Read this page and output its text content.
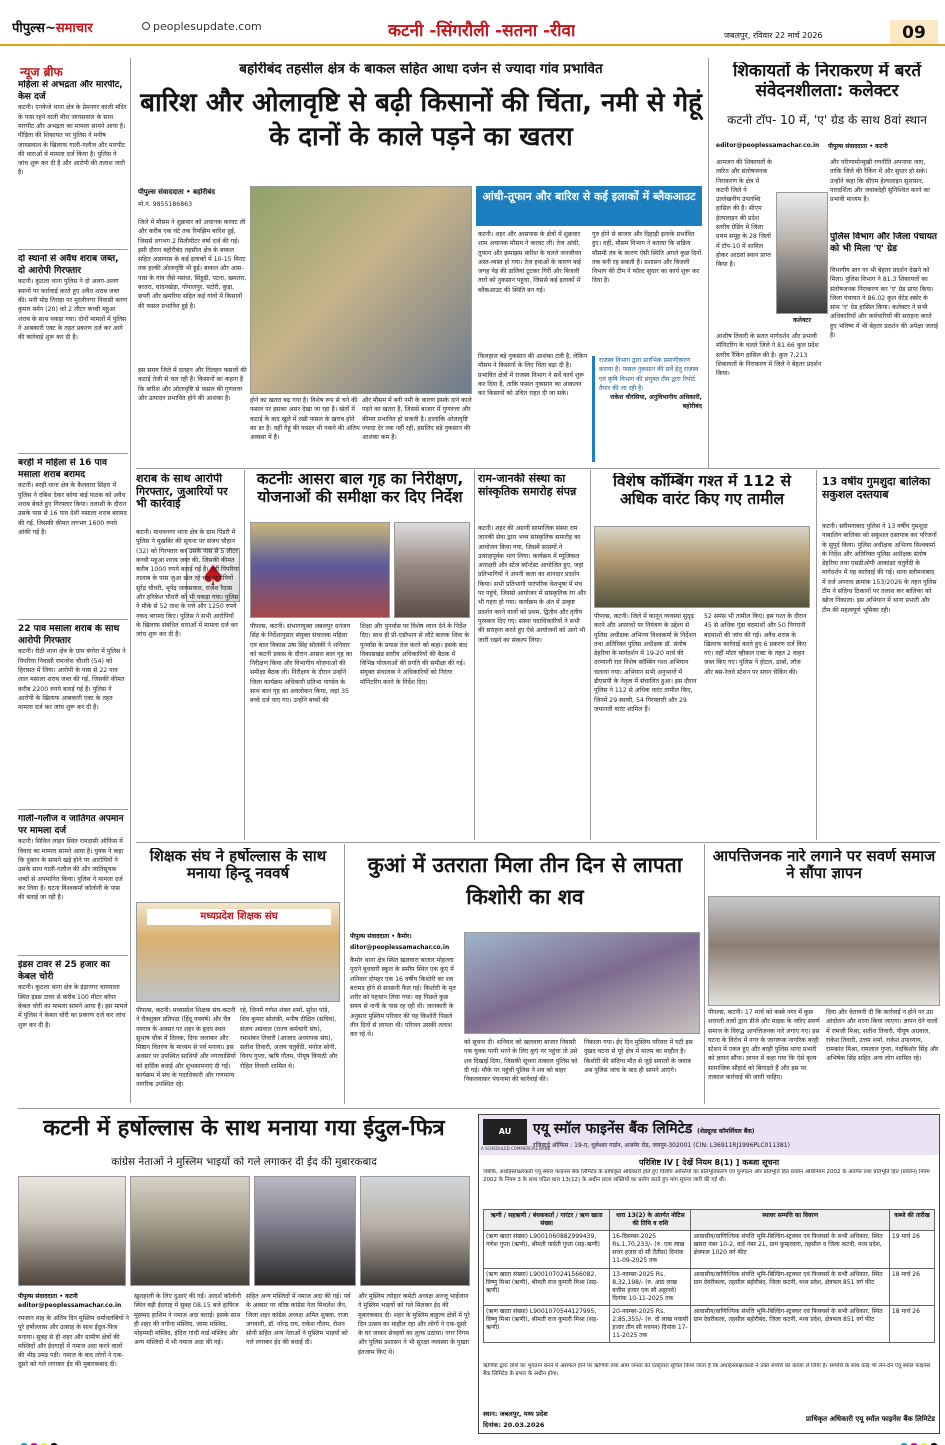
पीपुल्स~समाचार	peoplesupdate.com	कटनी -सिंगरौली -सतना -रीवा	जबलपुर, रविवार 22 मार्च 2026	09
न्यूज ब्रीफ
महिला से अभद्रता और मारपीट, केस दर्ज
कटनी। एनकेजे थाना क्षेत्र के प्रेमनगर काली मंदिर के पास रहने वाली मीरा जायसवाल के साथ मारपीट और अभद्रता का मामला सामने आया है। पीड़िता की शिकायत पर पुलिस ने मनीष जायसवाल के खिलाफ गाली-गलौज और मारपीट की धाराओं में मामला दर्ज किया है। पुलिस ने जांच शुरू कर दी है और आरोपी की तलाश जारी है।
दो स्थानों से अवैध शराब जब्त, दो आरोपी गिरफ्तार
कटनी। कुठला थाना पुलिस ने दो अलग-अलग स्थानों पर कार्रवाई करते हुए अवैध शराब जब्त की। मनी मोड़ तिराहा पर मुरलीनगर निवासी करण कुमार बर्मन (20) को 2 लीटर कच्ची महुआ शराब के साथ पकड़ा गया। दोनों मामलों में पुलिस ने आबकारी एक्ट के तहत प्रकरण दर्ज कर आगे की कार्रवाई शुरू कर दी है।
बरही में महिला से 16 पाव मसाला शराब बरामद
कटनी। बरही थाना क्षेत्र के कैलवारा सिंहरा में पुलिस ने दबिश देकर कोया बाई पाठक को अवैध शराब बेचते हुए गिरफ्तार किया। तलाशी के दौरान उसके पास से 16 पाव देशी मसाला शराब बरामद की गई, जिसकी कीमत लगभग 1600 रुपये आंकी गई है।
22 पाव मसाला शराब के साथ आरोपी गिरफ्तार
कटनी। रीठी थाना क्षेत्र के ग्राम बंगोरा में पुलिस ने पिपरिया निवासी रामनरेश चौधरी (54) को हिरासत में लिया। आरोपी के पास से 22 पाव लाल मसाला शराब जब्त की गई, जिसकी कीमत करीब 2200 रुपये बताई गई है। पुलिस ने आरोपी के खिलाफ आबकारी एक्ट के तहत मामला दर्ज कर जांच शुरू कर दी है।
गाली-गलौज व जातिगत अपमान पर मामला दर्ज
कटनी। सिविल लाइन स्थित रामदासी ऑफिस में विवाद का मामला सामने आया है। युवक ने कहा कि दुकान के सामने खड़े होने पर आरोपियों ने उसके साथ गाली-गलौज की और जातिसूचक शब्दों से अपमानित किया। पुलिस ने मामला दर्ज कर लिया है। घटना विश्वकर्मा कॉलोनी के पास की बताई जा रही है।
इंडस टावर से 25 हजार का केबल चोरी
कटनी। कुठला थाना क्षेत्र के इंद्रानगर चायवाला स्थित इंडस टावर से करीब 100 मीटर कॉपर केबल चोरी का मामला सामने आया है। इस मामले में पुलिस ने केबल चोरी का प्रकरण दर्ज कर जांच शुरू कर दी है।
बहोरीबंद तहसील क्षेत्र के बाकल सहित आधा दर्जन से ज्यादा गांव प्रभावित
बारिश और ओलावृष्टि से बढ़ी किसानों की चिंता, नमी से गेहूं के दानों के काले पड़ने का खतरा
पीपुल्स संवाददाता • बहोरीबंद
मो.नं. 9855186863
जिले में मौसम ने शुक्रवार को अचानक करवट ली और करीब एक घंटे तक रिमझिम बारिश हुई, जिससे लगभग 2 मिलीमीटर वर्षा दर्ज की गई। इसी दौरान बहोरीबंद तहसील क्षेत्र के बाकल सहित आसपास के कई इलाकों में 10-15 मिनट तक हल्की ओलावृष्टि भी हुई। बाकल और आस-पास के गांव जैसे मसंधा, सिंहुड़ी, पटना, खमतरा, बरतरा, चांदनखेड़ा, गोपालपुर, पटोरी, कुड़ा, छपरी और खमरिया सहित कई गांवों में किसानों की फसल प्रभावित हुई है।
इस समय जिले में दलहन और तिलहन फसलों की कटाई तेजी से चल रही है। किसानों का कहना है कि बारिश और ओलावृष्टि से फसल की गुणवत्ता और उत्पादन प्रभावित होने की आशंका है।	होने का खतरा बढ़ गया है। विशेष रूप से चने की फसल पर इसका असर देखा जा रहा है। खेतों में कटाई के बाद खुले में रखी फसल के खराब होने का डर है। वहीं गेहूं की फसल भी पकने की अंतिम अवस्था में है।
और मौसम में बनी नमी के कारण इसके दाने काले पड़ने का खतरा है, जिससे बाजार में गुणवत्ता और कीमत प्रभावित हो सकती है। हालांकि ओलावृष्टि ज्यादा देर तक नहीं रही, इसलिए बड़े नुकसान की आशंका कम है।
आंधी-तूफान और बारिश से कई इलाकों में ब्लैकआउट
कटनी। शहर और आसपास के क्षेत्रों में शुक्रवार शाम अचानक मौसम ने करवट ली। तेज आंधी, तूफान और झमाझम बारिश के चलते जनजीवन अस्त-व्यस्त हो गया। तेज हवाओं के कारण कई जगह पेड़ की डालियां टूटकर गिरीं और बिजली तारों को नुकसान पहुंचा, जिससे कई इलाकों में ब्लैकआउट की स्थिति बन गई।
गुरु होने से बाजार और दिहाड़ी इलाके प्रभावित हुए। वहीं, मौसम विभाग ने बताया कि सक्रिय मौसमी तंत्र के कारण ऐसी स्थिति अगले कुछ दिनों तक बनी रह सकती है। प्रशासन और बिजली विभाग की टीम ने फॉल्ट सुधार का कार्य शुरू कर दिया है।
फिलहाल बड़े नुकसान की आशंका टली है, लेकिन मौसम ने किसानों के लिए चिंता बढ़ा दी है। प्रभावित क्षेत्रों में राजस्व विभाग ने सर्वे कार्य शुरू कर दिया है, ताकि फसल नुकसान का आकलन कर किसानों को उचित राहत दी जा सके।
राजस्व विभाग द्वारा प्रारंभिक प्रमाणीकरण कराया है। फसल नुकसान की सर्वे हेतु राजस्व एवं कृषि विभाग की संयुक्त टीम द्वारा रिपोर्ट तैयार की जा रही है।
राकेश चौरसिया, अनुविभागीय अधिकारी, बहोरीबंद
शिकायतों के निराकरण में बरतें संवेदनशीलता: कलेक्टर
कटनी टॉप- 10 में, 'ए' ग्रेड के साथ 8वां स्थान
editor@peoplessamachar.co.in	पीपुल्स संवाददाता • कटनी
आमजन की शिकायतों के त्वरित और संतोषजनक निराकरण के क्षेत्र में कटनी जिले ने उल्लेखनीय उपलब्धि हासिल की है। सीएम हेल्पलाइन की प्रदेश स्तरीय ग्रेडिंग में जिला प्रथम समूह के 28 जिलों में टॉप-10 में शामिल होकर आठवां स्थान प्राप्त किया है।
कलेक्टर
आशीष तिवारी के सतत मार्गदर्शन और प्रभावी मॉनिटरिंग के चलते जिले ने 81.66 कुल प्रदेश स्तरीय रैंकिंग हासिल की है। कुल 7,213 शिकायतों के निराकरण में जिले ने बेहतर प्रदर्शन किया।
और परिणामोन्मुखी रणनीति अपनाया जाए, ताकि जिले की रैंकिंग में और सुधार हो सके। उन्होंने कहा कि सीएम हेल्पलाइन सुशासन, पारदर्शिता और जवाबदेही सुनिश्चित करने का प्रभावी माध्यम है।
पुलिस विभाग और जिला पंचायत को भी मिला 'ए' ग्रेड
विभागीय स्तर पर भी बेहतर प्रदर्शन देखने को मिला। पुलिस विभाग ने 81.3 शिकायतों का संतोषजनक निराकरण कर 'ए' ग्रेड प्राप्त किया। जिला पंचायत ने 86.02 कुल वेटेड स्कोर के साथ 'ए' ग्रेड हासिल किया। कलेक्टर ने सभी अधिकारियों और कर्मचारियों की सराहना करते हुए भविष्य में भी बेहतर प्रदर्शन की अपेक्षा जताई है।
शराब के साथ आरोपी गिरफ्तार, जुआरियों पर भी कार्रवाई
♠
कटनी। माधवनगर थाना क्षेत्र के ग्राम पिंडरी में पुलिस ने मुखबिर की सूचना पर संजय चौहान (32) को गिरफ्तार कर उसके पास से 5 लीटर कच्ची महुआ शराब जब्त की, जिसकी कीमत करीब 1000 रुपये बताई गई है। वहीं पिपरिया तालाब के पास जुआ खेल रहे चार आरोपियों सुरेंद्र चौधरी, भूपेंद्र जायसवाल, राजेश रैदास और हरिकेश चौधरी को भी पकड़ा गया। पुलिस ने मौके से 52 ताश के पत्ते और 1250 रुपये नकद बरामद किए। पुलिस ने सभी आरोपियों के खिलाफ संबंधित धाराओं में मामला दर्ज कर जांच शुरू कर दी है।
कटनीः आसरा बाल गृह का निरीक्षण, योजनाओं की समीक्षा कर दिए निर्देश
पीपल्स, कटनी। संभागायुक्त जबलपुर धनंजय सिंह के निर्देशानुसार संयुक्त संचालक महिला एवं बाल विकास उषा सिंह सोलंकी ने शनिवार को कटनी प्रवास के दौरान आसरा बाल गृह का निरीक्षण किया और विभागीय योजनाओं की समीक्षा बैठक ली। निरीक्षण के दौरान उन्होंने जिला कार्यक्रम अधिकारी प्रतिभा पाण्डेय के साथ बाल गृह का अवलोकन किया, जहां 35 बच्चे दर्ज पाए गए। उन्होंने बच्चों की
शिक्षा और पुनर्वास पर विशेष ध्यान देने के निर्देश दिए। साथ ही प्री-एडॉप्शन से लौटे बालक शिवा के पुनर्वास के प्रयास तेज करने को कहा। इसके बाद विकासखंड स्तरीय अधिकारियों की बैठक में विभिन्न योजनाओं की प्रगति की समीक्षा की गई। संयुक्त संचालक ने अधिकारियों को निरंतर मॉनिटरिंग करने के निर्देश दिए।
राम-जानकी संस्था का सांस्कृतिक समारोह संपन्न
कटनी। शहर की अग्रणी सामाजिक संस्था राम जानकी सेवा द्वारा भव्य सांस्कृतिक समारोह का आयोजन किया गया, जिसमें सदस्यों ने उत्साहपूर्वक भाग लिया। कार्यक्रम में म्यूजिकल अंताक्षरी और स्टेज कॉन्टेस्ट आयोजित हुए, जहां प्रतिभागियों ने अपनी कला का शानदार प्रदर्शन किया। सभी प्रतिभागी पारंपरिक वेशभूषा में मंच पर पहुंचे, जिससे आयोजन में सांस्कृतिक रंग और भी गहरा हो गया। कार्यक्रम के अंत में उत्कृष्ट प्रदर्शन करने वालों को प्रथम, द्वितीय और तृतीय पुरस्कार दिए गए। संस्था पदाधिकारियों ने सभी की सराहना करते हुए ऐसे आयोजनों को आगे भी जारी रखने का संकल्प लिया।
विशेष कॉम्बिंग गश्त में 112 से अधिक वारंट किए गए तामील
पीपल्स, कटनी। जिले में कानून व्यवस्था सुदृढ़ करने और अपराधों पर नियंत्रण के उद्देश्य से पुलिस अधीक्षक अभिनय विश्वकर्मा के निर्देशन तथा अतिरिक्त पुलिस अधीक्षक डॉ. संतोष डेहरिया के मार्गदर्शन में 19-20 मार्च की दरम्यानी रात विशेष कॉम्बिंग गश्त अभियान चलाया गया। अभियान सभी अनुभागों में डीएसपी के नेतृत्व में संचालित हुआ। इस दौरान पुलिस ने 112 से अधिक वारंट तामील किए, जिनमें 29 स्थायी, 54 गिरफ्तारी और 29 जमानती वारंट शामिल हैं।
52 समंस भी तामील किए। इस गश्त के दौरान 45 से अधिक गुंडा बदमाशों और 50 निगरानी बदमाशों की जांच की गई। अवैध शराब के खिलाफ कार्रवाई करते हुए 6 प्रकरण दर्ज किए गए। वहीं मोटर व्हीकल एक्ट के तहत 2 वाहन जब्त किए गए। पुलिस ने होटल, ढाबों, लॉज और बस-रेलवे स्टेशन पर सघन चेकिंग की।
13 वर्षीय गुमशुदा बालिका सकुशल दस्तयाब
कटनी। स्लीमनाबाद पुलिस ने 13 वर्षीय गुमशुदा नाबालिग बालिका को सकुशल दस्तयाब कर परिजनों के सुपुर्द किया। पुलिस अधीक्षक अभिनय विश्वकर्मा के निर्देश और अतिरिक्त पुलिस अधीक्षक संतोष डेहरिया तथा एसडीओपी आकांक्षा चतुर्वेदी के मार्गदर्शन में यह कार्रवाई की गई। थाना स्लीमनाबाद में दर्ज अपराध क्रमांक 153/2026 के तहत पुलिस टीम ने संदिग्ध ठिकानों पर तलाश कर बालिका को खोज निकाला। इस अभियान में थाना प्रभारी और टीम की महत्वपूर्ण भूमिका रही।
शिक्षक संघ ने हर्षोल्लास के साथ मनाया हिन्दू नववर्ष
मध्यप्रदेश शिक्षक संघ
पीपल्स, कटनी। मध्यप्रदेश शिक्षक संघ-कटनी ने चैत्रशुक्ल प्रतिपदा (हिंदू नववर्ष) और चैत्र नवरात्र के अवसर पर शहर के हृदय स्थल सुभाष चौक में तिलक, दिया जलाकर और मिष्ठान वितरण के माध्यम से पर्व मनाया। इस अवसर पर उपस्थित साथियों और नगरवासियों को हार्दिक बधाई और शुभकामनाएं दी गईं। कार्यक्रम में संघ के पदाधिकारी और गणमान्य नागरिक उपस्थित रहे।
रहे, जिनमें गणेश शंकर शर्मा, सुरेश पांडे, शिव कुमार सोलंकी, मनीष दीक्षित (सचिव), संजय अग्रवाल (राज्य कर्मचारी संघ), रमाशंकर तिवारी (आजाद अध्यापक संघ), सतीश तिवारी, अजय चतुर्वेदी, मनोज सोनी, विनय गुप्ता, ऋषि गौतम, पीयूष त्रिपाठी और रोहित तिवारी शामिल थे।
कुआं में उतराता मिला तीन दिन से लापता किशोरी का शव
पीपुल्स संवाददाता • कैमोर।
ditor@peoplessamachar.co.in
कैमोर थाना क्षेत्र स्थित खलवारा बाजार मोहल्ला पुराने बुधवारी स्कूल के समीप स्थित एक कुएं में शनिवार दोपहर एक 16 वर्षीय किशोरी का शव बरामद होने से सनसनी फैल गई। किशोरी के मृत शरीर को पहचान लिया गया। वह पिछले कुछ समय से नानी के पास रह रही थी। जानकारी के अनुसार मुस्लिम परिवार की यह किशोरी पिछले तीन दिनों से लापता थी। परिजन उसकी तलाश कर रहे थे।
को सूचना दी। शनिवार को खलवारा बाजार निवासी एक युवक पानी भरने के लिए कुएं पर पहुंचा तो उसे शव दिखाई दिया, जिसकी सूचना तत्काल पुलिस को दी गई। मौके पर पहुंची पुलिस ने शव को बाहर निकलवाकर पंचनामा की कार्रवाई की।
निकाला गया। ईद दिन मुस्लिम परिवार में घटी इस दुखद घटना से पूरे क्षेत्र में मातम का माहौल है। किशोरी की संदिग्ध मौत से जुड़े सवालों के जवाब अब पुलिस जांच के बाद ही सामने आएंगे।
आपत्तिजनक नारे लगाने पर सवर्ण समाज ने सौंपा ज्ञापन
पीपल्स, कटनी। 17 मार्च को कस्बे नगर में कुछ शरारती तत्वों द्वारा डीजे और माइक के जरिए सवर्ण समाज के विरुद्ध आपत्तिजनक नारे लगाए गए। इस घटना के विरोध में नगर के जागरूक नागरिक बरही स्टेशन में एकत्र हुए और बरही पुलिस थाना प्रभारी को ज्ञापन सौंपा। ज्ञापन में कहा गया कि ऐसे कृत्य सामाजिक सौहार्द को बिगाड़ते हैं और इस पर तत्काल कार्रवाई की जानी चाहिए।
दिया और चेतावनी दी कि कार्रवाई न होने पर उग्र आंदोलन और धरना किया जाएगा। ज्ञापन देने वालों में रामजी मिश्रा, सतीश तिवारी, पीयूष अग्रवाल, राकेश तिवारी, उत्तम शर्मा, राकेश उपाध्याय, रामकांत मिश्रा, रामलाल गुप्ता, नंदकिशोर सिंह और अभिषेक सिंह सहित अन्य लोग शामिल रहे।
कटनी में हर्षोल्लास के साथ मनाया गया ईदुल-फित्र
कांग्रेस नेताओं ने मुस्लिम भाइयों को गले लगाकर दी ईद की मुबारकबाद
पीपुल्स संवाददाता • कटनी
editor@peoplessamachar.co.in
रमजान माह के अंतिम दिन मुस्लिम धर्मावलंबियों ने पूरे हर्षोल्लास और उत्साह के साथ ईदुल-फित्र मनाया। सुबह से ही शहर और ग्रामीण क्षेत्रों की मस्जिदों और ईदगाहों में नमाज अदा करने वालों की भीड़ उमड़ पड़ी। नमाज के बाद लोगों ने एक-दूसरे को गले लगाकर ईद की मुबारकबाद दी।
खुशहाली के लिए दुआएं की गईं। आदर्श कॉलोनी स्थित बड़ी ईदगाह में सुबह 08.15 बजे हाफिज मुहम्मद हाशिम ने नमाज अदा कराई। इसके साथ ही शहर की नगीना मस्जिद, जामा मस्जिद, मोहम्मदी मस्जिद, इंदिरा गांधी वार्ड मस्जिद और अन्य मस्जिदों में भी नमाज अदा की गई।
सहित अन्य मस्जिदों में नमाज अदा की गई। पर्व के अवसर पर वरिष्ठ कांग्रेस नेता मिथलेश जैन, जिला शहर कांग्रेस अध्यक्ष अमित शुक्ला, राजा जगवानी, डॉ. नरेन्द्र राय, राकेश गौतम, रोशन सोनी सहित अन्य नेताओं ने मुस्लिम भाइयों को गले लगाकर ईद की बधाई दी।
और मुस्लिम त्योहार कमेटी अध्यक्ष अज्जू भाईजान ने मुस्लिम भाइयों को गले मिलकर ईद की मुबारकबाद दी। शहर के मुस्लिम बाहुल्य क्षेत्रों में पूरे दिन उत्सव का माहौल रहा और लोगों ने एक-दूसरे के घर जाकर सेवइयों का लुत्फ उठाया। नगर निगम और पुलिस प्रशासन ने भी सुरक्षा व्यवस्था के पुख्ता इंतजाम किए थे।
AU
A SCHEDULED COMMERCIAL BANK
एयू स्मॉल फाइनेंस बैंक लिमिटेड (शेड्यूल्ड कॉमर्शियल बैंक)
रजिस्टर्ड ऑफिस : 19-ए, धूलेश्वर गार्डन, अजमेर रोड, जयपुर-302001 (CIN: L36911RJ1996PLC011381)
परिशिष्ट IV [ देखें नियम 8(1) ] कब्जा सूचना
जबकि, अधोहस्ताक्षरकर्ता एयू स्मॉल फाइनेंस बैंक लिमिटेड के प्राधिकृत अधिकारी होते हुए वित्तीय आस्तियों का प्रतिभूतिकरण एवं पुनर्गठन और प्रतिभूति हित प्रवर्तन अधिनियम 2002 के अंतर्गत तथा प्रतिभूति हित (प्रवर्तन) नियम 2002 के नियम 3 के साथ पठित धारा 13(12) के अधीन प्रदत्त शक्तियों का प्रयोग करते हुए मांग सूचना जारी की गई थी।
ऋणी / सहऋणी / बंधककर्ता / गारंटर / ऋण खाता संख्या	धारा 13(2) के अंतर्गत नोटिस की तिथि व राशि	स्थावर सम्पत्ति का विवरण	कब्जे की तारीख
(ऋण खाता संख्या) L9001060882999439, गणेश गुप्ता (ऋणी), श्रीमती पार्वती गुप्ता (सह-ऋणी)	16-दिसम्बर-2025 Rs.1,70,233/- (रु. एक लाख सत्तर हजार दो सौ तैंतीस) दिनांक 11-09-2025 तक	आवासीय/वाणिज्यिक संपत्ति भूमि-बिल्डिंग-स्ट्रक्चर एवं फिक्चर्स के सभी अधिकार, स्थित खसरा नंबर 10-2, वार्ड नंबर 21, ग्राम कुम्हरवारा, तहसील व जिला कटनी, मध्य प्रदेश, क्षेत्रफल 1020 वर्ग फीट	19 मार्च 26
(ऋण खाता संख्या) L9001070241566082, विष्णु मिश्रा (ऋणी), श्रीमती राज कुमारी मिश्रा (सह-ऋणी)	13-नवम्बर-2025 Rs. 8,32,198/- (रु. आठ लाख बत्तीस हजार एक सौ अट्ठानवे) दिनांक 10-11-2025 तक	आवासीय/वाणिज्यिक संपत्ति भूमि-बिल्डिंग-स्ट्रक्चर एवं फिक्चर्स के सभी अधिकार, स्थित ग्राम देवरीकला, तहसील बहोरीबंद, जिला कटनी, मध्य प्रदेश, क्षेत्रफल 851 वर्ग फीट	18 मार्च 26
(ऋण खाता संख्या) L9001070544127995, विष्णु मिश्रा (ऋणी), श्रीमती राज कुमारी मिश्रा (सह-ऋणी)	20-नवम्बर-2025 Rs. 2,85,355/- (रु. दो लाख पचासी हजार तीन सौ पचपन) दिनांक 17-11-2025 तक	आवासीय/वाणिज्यिक संपत्ति भूमि-बिल्डिंग-स्ट्रक्चर एवं फिक्चर्स के सभी अधिकार, स्थित ग्राम देवरीकला, तहसील बहोरीबंद, जिला कटनी, मध्य प्रदेश, क्षेत्रफल 851 वर्ग फीट	18 मार्च 26
ऋणियों द्वारा राशि का भुगतान करने में असफल होने पर ऋणियों तथा आम जनता को एतद्द्वारा सूचित किया जाता है कि अधोहस्ताक्षरकर्ता ने उक्त संपत्ति का कब्जा ले लिया है। सम्पत्ति के साथ कोई भी लेन-देन एयू स्मॉल फाइनेंस बैंक लिमिटेड के प्रभार के अधीन होगा।
स्थान: जबलपुर, मध्य प्रदेश
दिनांक: 20.03.2026
प्राधिकृत अधिकारी एयू स्मॉल फाइनेंस बैंक लिमिटेड
